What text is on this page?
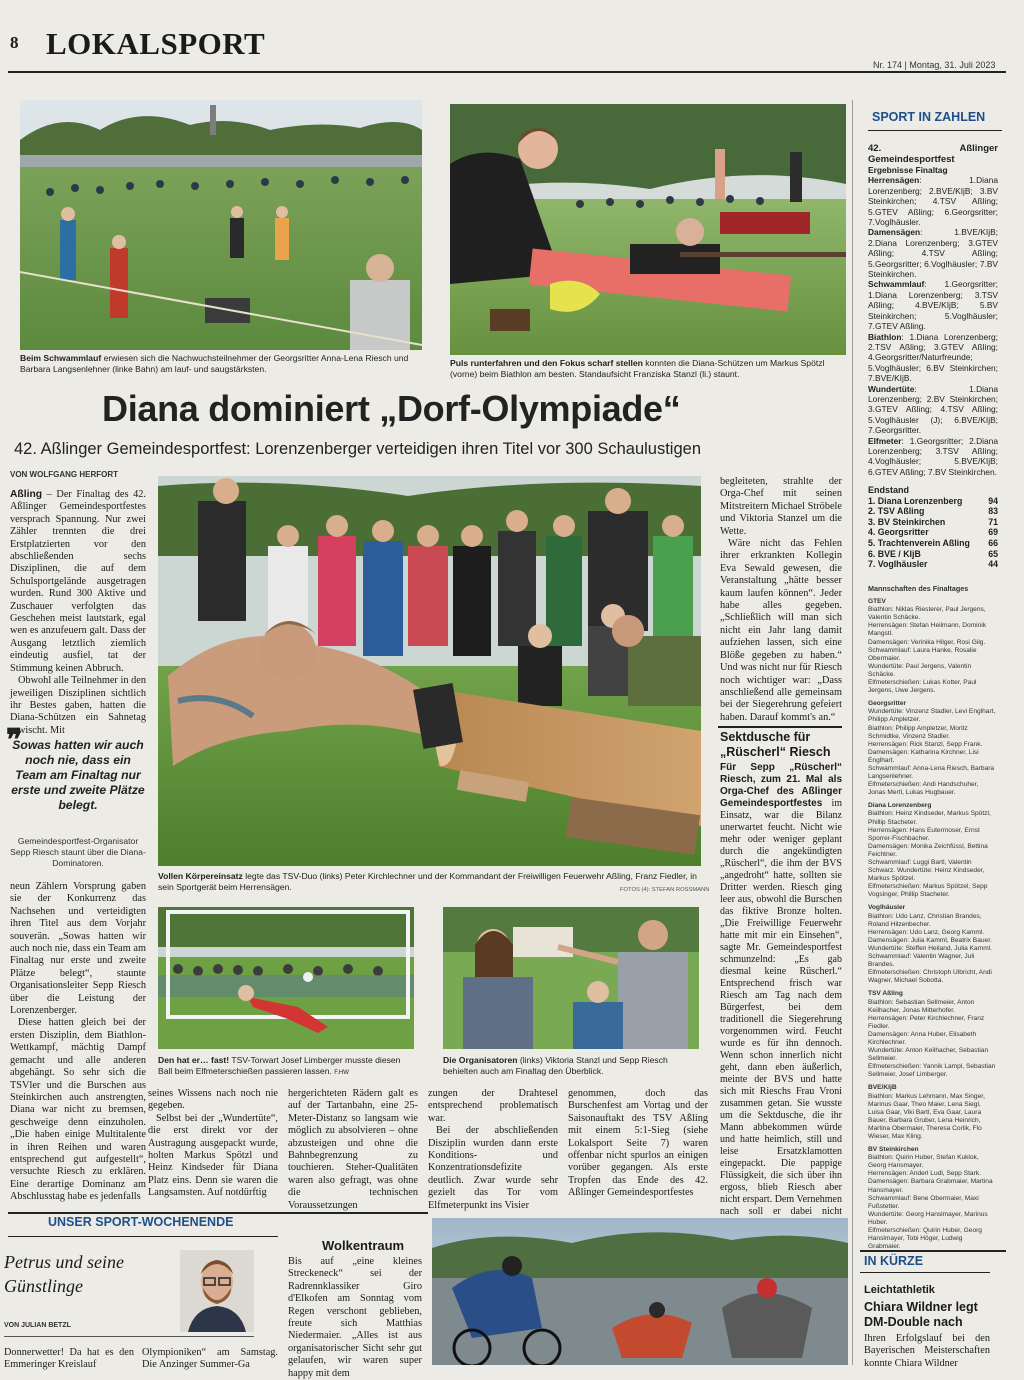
8 LOKALSPORT
Nr. 174 | Montag, 31. Juli 2023
Beim Schwammlauf erwiesen sich die Nachwuchsteilnehmer der Georgsritter Anna-Lena Riesch und Barbara Langsenlehner (linke Bahn) am lauf- und saugstärksten.
Puls runterfahren und den Fokus scharf stellen konnten die Diana-Schützen um Markus Spötzl (vorne) beim Biathlon am besten. Standaufsicht Franziska Stanzl (li.) staunt.
Diana dominiert „Dorf-Olympiade“
42. Aßlinger Gemeindesportfest: Lorenzenberger verteidigen ihren Titel vor 300 Schaulustigen
VON WOLFGANG HERFORT

Aßling – Der Finaltag des 42. Aßlinger Gemeindesportfestes versprach Spannung. Nur zwei Zähler trennten die drei Erstplatzierten vor den abschließenden sechs Disziplinen, die auf dem Schulsportgelände ausgetragen wurden. Rund 300 Aktive und Zuschauer verfolgten das Geschehen meist lautstark, egal wen es anzufeuern galt. Dass der Ausgang letztlich ziemlich eindeutig ausfiel, tat der Stimmung keinen Abbruch.

Obwohl alle Teilnehmer in den jeweiligen Disziplinen sichtlich ihr Bestes gaben, hatten die Diana-Schützen ein Sahnetag erwischt. Mit

❞
Sowas hatten wir auch noch nie, dass ein Team am Finaltag nur erste und zweite Plätze belegt.
Gemeindesportfest-Organisator Sepp Riesch staunt über die Diana-Dominatoren.
Vollen Körpereinsatz legte das TSV-Duo (links) Peter Kirchlechner und der Kommandant der Freiwilligen Feuerwehr Aßling, Franz Fiedler, in sein Sportgerät beim Herrensägen.	FOTOS (4): STEFAN ROSSMANN

begleiteten, strahlte der Orga-Chef mit seinen Mitstreitern Michael Ströbele und Viktoria Stanzel um die Wette.

Wäre nicht das Fehlen ihrer erkrankten Kollegin Eva Sewald gewesen, die Veranstaltung „hätte besser kaum laufen können“. Jeder habe alles gegeben. „Schließlich will man sich nicht ein Jahr lang damit aufziehen lassen, sich eine Blöße gegeben zu haben.“ Und was nicht nur für Riesch noch wichtiger war: „Dass anschließend alle gemeinsam bei der Siegerehrung gefeiert haben. Darauf kommt's an.“

Sektdusche für „Rüscherl“ Riesch

Für Sepp „Rüscherl“ Riesch, zum 21. Mal als Orga-Chef des Aßlinger Gemeindesportfestes im Einsatz, war die Bilanz unerwartet feucht. Nicht wie mehr oder weniger geplant durch die angekündigten „Rüscherl“, die ihm der BVS „angedroht“ hatte, sollten sie Dritter werden. Riesch ging leer aus, obwohl die Burschen das fiktive Bronze holten. „Die Freiwillige Feuerwehr hatte mit mir ein Einsehen“, sagte Mr. Gemeindesportfest schmunzelnd: „Es gab diesmal keine Rüscherl.“ Entsprechend frisch war Riesch am Tag nach dem Bürgerfest, bei dem traditionell die Siegerehrung vorgenommen wird. Feucht wurde es für ihn dennoch. Wenn schon innerlich nicht geht, dann eben äußerlich, meinte der BVS und hatte sich mit Rieschs Frau Vroni zusammen getan. Sie wusste um die Sektdusche, die ihr Mann abbekommen würde und hatte heimlich, still und leise Ersatzklamotten eingepackt. Die pappige Flüssigkeit, die sich über ihn ergoss, blieb Riesch aber nicht erspart. Dem Vernehmen nach soll er dabei nicht

neun Zählern Vorsprung gaben sie der Konkurrenz das Nachsehen und verteidigten ihren Titel aus dem Vorjahr souverän. „Sowas hatten wir auch noch nie, dass ein Team am Finaltag nur erste und zweite Plätze belegt“, staunte Organisationsleiter Sepp Riesch über die Leistung der Lorenzenberger.

Diese hatten gleich bei der ersten Disziplin, dem Biathlon-Wettkampf, mächtig Dampf gemacht und alle anderen abgehängt. So sehr sich die TSVler und die Burschen aus Steinkirchen auch anstrengten, Diana war nicht zu bremsen, geschweige denn einzuholen. „Die haben einige Multitalente in ihren Reihen und waren entsprechend gut aufgestellt“, versuchte Riesch zu erklären. Eine derartige Dominanz am Abschlusstag habe es jedenfalls

Den hat er… fast! TSV-Torwart Josef Limberger musste diesen Ball beim Elfmeterschießen passieren lassen. F.HW
Die Organisatoren (links) Viktoria Stanzl und Sepp Riesch behielten auch am Finaltag den Überblick.

seines Wissens nach noch nie gegeben.

Selbst bei der „Wundertüte“, die erst direkt vor der Austragung ausgepackt wurde, holten Markus Spötzl und Heinz Kindseder für Diana Platz eins. Denn sie waren die Langsamsten. Auf notdürftig

hergerichteten Rädern galt es auf der Tartanbahn, eine 25-Meter-Distanz so langsam wie möglich zu absolvieren – ohne abzusteigen und ohne die Bahnbegrenzung zu touchieren. Steher-Qualitäten waren also gefragt, was ohne die technischen Voraussetzungen

zungen der Drahtesel entsprechend problematisch war.

Bei der abschließenden Disziplin wurden dann erste Konditions- und Konzentrationsdefizite deutlich. Zwar wurde sehr gezielt das Tor vom Elfmeterpunkt ins Visier

genommen, doch das Burschenfest am Vortag und der Saisonauftakt des TSV Aßling mit einem 5:1-Sieg (siehe Lokalsport Seite 7) waren offenbar nicht spurlos an einigen vorüber gegangen. Als erste Tropfen das Ende des 42. Aßlinger Gemeindesportfestes

SPORT IN ZAHLEN
42. Aßlinger Gemeindesportfest
Ergebnisse Finaltag
Herrensägen: 1.Diana Lorenzenberg; 2.BVE/KIjB; 3.BV Steinkirchen; 4.TSV Aßling; 5.GTEV Aßling; 6.Georgsritter; 7.Voglhäusler.
Damensägen: 1.BVE/KIjB; 2.Diana Lorenzenberg; 3.GTEV Aßling; 4.TSV Aßling; 5.Georgsritter; 6.Voglhäusler; 7.BV Steinkirchen.
Schwammlauf: 1.Georgsritter; 1.Diana Lorenzenberg; 3.TSV Aßling; 4.BVE/KIjB; 5.BV Steinkirchen; 5.Voglhäusler; 7.GTEV Aßling.
Biathlon: 1.Diana Lorenzenberg; 2.TSV Aßling; 3.GTEV Aßling; 4.Georgsritter/Naturfreunde; 5.Voglhäusler; 6.BV Steinkirchen; 7.BVE/KIjB.
Wundertüte: 1.Diana Lorenzenberg; 2.BV Steinkirchen; 3.GTEV Aßling; 4.TSV Aßling; 5.Voglhäusler (J); 6.BVE/KIjB; 7.Georgsritter.
Elfmeter: 1.Georgsritter; 2.Diana Lorenzenberg; 3.TSV Aßling; 4.Voglhäusler; 5.BVE/KIjB; 6.GTEV Aßling; 7.BV Steinkirchen.
Endstand
1. Diana Lorenzenberg	94
2. TSV Aßling	83
3. BV Steinkirchen	71
4. Georgsritter	69
5. Trachtenverein Aßling 66
6. BVE / KIjB	65
7. Voglhäusler	44
Mannschaften des Finaltages
GTEV
Biathlon: Niklas Riesterer, Paul Jergens, Valentin Schäcke.
Herrensägen: Stefan Heilmann, Dominik Mangstl.
Damensägen: Verinika Hilger, Rosi Gilg.
Schwammlauf: Laura Hanke, Rosalie Obermaier.
Wundertüte: Paul Jergens, Valentin Schäcke.
Elfmeterschießen: Lukas Kotter, Paul Jergens, Uwe Jergens.
Georgsritter
Wundertüte: Vinzenz Stadler, Levi Englhart, Philipp Ampletzer.
Biathlon: Philipp Ampletzer, Moritz Schmidtke, Vinzenz Stadler.
Herrensägen: Rick Stanzl, Sepp Frank.
Damensägen: Katharina Kirchner, Lisi Englhart.
Schwammlauf: Anna-Lena Riesch, Barbara Langsenlehner.
Elfmeterschießen: Andi Handschuher, Jonas Mertl, Lukas Hugbauer.
Diana Lorenzenberg
Biathlon: Heinz Kindseder, Markus Spötzl, Phillip Stacheter.
Herrensägen: Hans Eutermoser, Ernst Sporrer-Fischbacher.
Damensägen: Monika Zeichfüssl, Bettina Feichtner.
Schwammlauf: Luggi Bartl, Valentin Schwarz. Wundertüte: Heinz Kindseder, Markus Spötzel.
Elfmeterschießen: Markus Spötzel, Sepp Vogsinger, Phillip Stacheter.
Voglhäusler
Biathlon: Udo Lanz, Christian Brandes, Roland Hilzenbecher.
Herrensägen: Udo Lanz, Georg Kamml.
Damensägen: Julia Kamml, Beatrix Bauer.
Wundertüte: Steffen Heiland, Julia Kamml.
Schwammlauf: Valentin Wagner, Juli Brandes.
Elfmeterschießen: Christoph Ulbricht, Andi Wagner, Michael Sobotta.
TSV Aßling
Biathlon: Sebastian Sellmeier, Anton Keilhacher, Jonas Mitterhofer.
Herrensägen: Peter Kirchlechner, Franz Fiedler.
Damensägen: Anna Huber, Elisabeth Kirchlechner.
Wundertüte: Anton Keilhacher, Sebastian Sellmeier.
Elfmeterschießen: Yannik Lampl, Sebastian Sellmeier, Josef Limberger.
BVE/KIjB
Biathlon: Markus Lehmann, Max Singer, Marinus Gaar, Theo Maier, Lena Siegl, Luisa Gaar, Viki Bartl, Eva Gaar, Laura Bauer, Barbara Gruber, Lena Heinrich, Martina Obermaier, Theresa Corlik, Flo Wieser, Max Kling.
BV Steinkirchen
Biathlon: Quirin Huber, Stefan Kuklok, Georg Hansmayer.
Herrensägen: Anderl Ludl, Sepp Stark.
Damensägen: Barbara Grabmaier, Martina Hansmayer.
Schwammlauf: Bene Obermaier, Maxi Fußstetter.
Wundertüte: Georg Hanslmayer, Marinus Huber.
Elfmeterschießen: Quirin Huber, Georg Hanslmayer, Tobi Höger, Ludwig Grabmaier.
IN KÜRZE
Leichtathletik
Chiara Wildner legt DM-Double nach
Ihren Erfolgslauf bei den Bayerischen Meisterschaften konnte Chiara Wildner
UNSER SPORT-WOCHENENDE
Petrus und seine Günstlinge
VON JULIAN BETZL
Donnerwetter! Da hat es den Emmeringer Kreislauf
Olympioniken“ am Samstag. Die Anzinger Summer-Ga
Wolkentraum
Bis auf „eine kleines Streckeneck“ sei der Radrennklassiker Giro d'Elkofen am Sonntag vom Regen verschont geblieben, freute sich Matthias Niedermaier. „Alles ist aus organisatorischer Sicht sehr gut gelaufen, wir waren super happy mit dem
